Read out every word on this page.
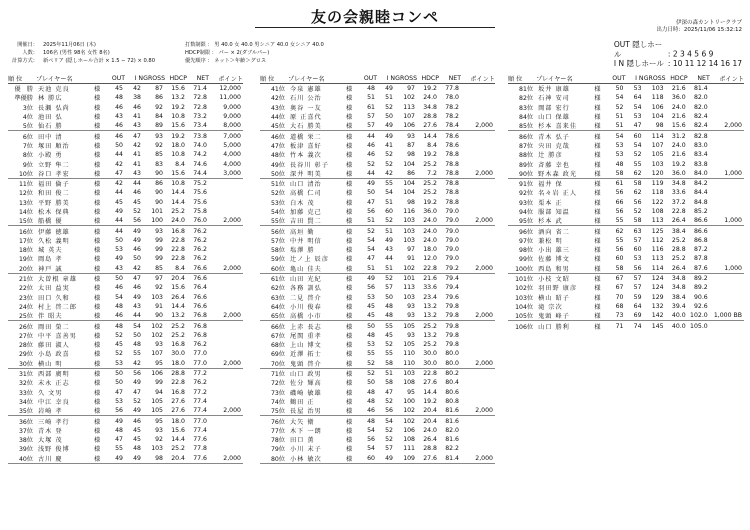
友の会親睦コンペ	伊深の森カントリークラブ
出力日時：2025/11/06 15:32:12
開催日： 2025年11月06日 (木)
人数： 106名 (男性 98名 女性 8名)
計算方式： 新ペリア (隠しホール合計 × 1.5 − 72) × 0.80
打数制限 ： 男 40.0 女 40.0 男シニア 40.0 女シニア 40.0
HDCP制限 ： パー × 2(ダブルパー)
優先順序 ： ネット＞年齢＞グロス
OUT 隠しホール	: 2 3 4 5 6 9
I N 隠しホール : 10 11 12 14 16 17
順 位	プレイヤー名		OUT	I N	GROSS	HDCP	NET	ポイント
優　勝	天池 克良	様	45	42	87	15.6	71.4	12,000
準優勝	林 勝広	様	48	38	86	13.2	72.8	11,000
3位	長瀬 弘尚	様	46	46	92	19.2	72.8	9,000
4位	池田 弘	様	43	41	84	10.8	73.2	9,000
5位	仙石 勝	様	46	43	89	15.6	73.4	8,000
6位	田中 清	様	46	47	93	19.2	73.8	7,000
7位	塚田 順治	様	50	42	92	18.0	74.0	5,000
8位	小殿 勇	様	44	41	85	10.8	74.2	4,000
9位	立野 隼二	様	42	41	83	8.4	74.6	4,000
10位	谷口 孝宏	様	47	43	90	15.6	74.4	3,000
11位	福田 倫子	様	42	44	86	10.8	75.2	
12位	和田 俊二	様	44	46	90	14.4	75.6	
13位	平野 勝美	様	45	45	90	14.4	75.6	
14位	松木 保典	様	49	52	101	25.2	75.8	
15位	船橋 優	様	44	56	100	24.0	76.0	2,000
16位	伊藤 徳雄	様	44	49	93	16.8	76.2	
17位	久松 義明	様	50	49	99	22.8	76.2	
18位	城 英夫	様	53	46	99	22.8	76.2	
19位	岡島 孝	様	49	50	99	22.8	76.2	
20位	神戸 誠	様	43	42	85	8.4	76.6	2,000
21位	大曽根 章雄	様	50	47	97	20.4	76.6	
22位	太田 益実	様	46	46	92	15.6	76.4	
23位	田口 久和	様	54	49	103	26.4	76.6	
24位	村上 啓二郎	様	48	43	91	14.4	76.6	
25位	伴 昭夫	様	46	44	90	13.2	76.8	2,000
26位	岡田 榮二	様	48	54	102	25.2	76.8	
27位	中平 喜善男	様	52	50	102	25.2	76.8	
28位	藤田 淑人	様	45	48	93	16.8	76.2	
29位	小島 政喜	様	52	55	107	30.0	77.0	
30位	横山 明	様	53	42	95	18.0	77.0	2,000
31位	西部 廣明	様	50	56	106	28.8	77.2	
32位	末永 正志	様	50	49	99	22.8	76.2	
33位	久 文男	様	47	47	94	16.8	77.2	
34位	中江 幸良	様	53	52	105	27.6	77.4	
35位	岩崎 孝	様	56	49	105	27.6	77.4	2,000
36位	三崎 孝行	様	49	46	95	18.0	77.0	
37位	青木 登	様	48	45	93	15.6	77.4	
38位	大塚 茂	様	47	45	92	14.4	77.6	
39位	浅野 俊博	様	55	48	103	25.2	77.8	
40位	古川 慶	様	49	49	98	20.4	77.6	2,000
順 位	プレイヤー名		OUT	I N	GROSS	HDCP	NET	ポイント
41位	今泉 憲雄	様	48	49	97	19.2	77.8	
42位	石川 公治	様	51	51	102	24.0	78.0	
43位	奥谷 一友	様	61	52	113	34.8	78.2	
44位	原 正喜代	様	57	50	107	28.8	78.2	
45位	大石 勝美	様	57	49	106	27.6	78.4	2,000
46位	道橋 栄二	様	44	49	93	14.4	78.6	
47位	板津 喜好	様	46	41	87	8.4	78.6	
48位	竹本 義次	様	46	52	98	19.2	78.8	
49位	長谷川 彰子	様	52	52	104	25.2	78.8	
50位	深井 明美	様	44	42	86	7.2	78.8	2,000
51位	山口 清治	様	49	55	104	25.2	78.8	
52位	高橋 仁司	様	50	54	104	25.2	78.8	
53位	白木 茂	様	47	51	98	19.2	78.8	
54位	加藤 克己	様	56	60	116	36.0	79.0	
55位	吉田 賢二	様	51	52	103	24.0	79.0	2,000
56位	高垣 勤	様	52	51	103	24.0	79.0	
57位	中井 明信	様	54	49	103	24.0	79.0	
58位	塩澤 勝	様	54	43	97	18.0	79.0	
59位	辻ノ上 辰彦	様	47	44	91	12.0	79.0	
60位	亀山 佳夫	様	51	51	102	22.8	79.2	2,000
61位	山田 光紀	様	49	52	101	21.6	79.4	
62位	各務 訓弘	様	56	57	113	33.6	79.4	
63位	二見 啓介	様	53	50	103	23.4	79.6	
64位	小川 俊春	様	45	48	93	13.2	79.8	
65位	高橋 小市	様	45	48	93	13.2	79.8	2,000
66位	上赤 長志	様	50	55	105	25.2	79.8	
67位	尾関 重孝	様	48	45	93	13.2	79.8	
68位	上山 博文	様	53	52	105	25.2	79.8	
69位	近澤 拓士	様	55	55	110	30.0	80.0	
70位	鬼頭 啓介	様	52	58	110	30.0	80.0	2,000
71位	山口 政男	様	52	51	103	22.8	80.2	
72位	佐分 輝高	様	50	58	108	27.6	80.4	
73位	磯崎 敏雄	様	48	47	95	14.4	80.6	
74位	鶴田 正	様	48	52	100	19.2	80.8	
75位	長屋 治男	様	46	56	102	20.4	81.6	2,000
76位	大矢 衛	様	48	54	102	20.4	81.6	
77位	木下 一朗	様	54	52	106	24.0	82.0	
78位	田口 薫	様	56	52	108	26.4	81.6	
79位	小川 末子	様	54	57	111	28.8	82.2	
80位	小林 敏次	様	60	49	109	27.6	81.4	2,000
順 位	プレイヤー名		OUT	I N	GROSS	HDCP	NET	ポイント
81位	坂井 康雄	様	50	53	103	21.6	81.4	
82位	石神 安司	様	54	64	118	36.0	82.0	
83位	岡部 宏行	様	52	54	106	24.0	82.0	
84位	山口 保雄	様	51	53	104	21.6	82.4	
85位	杉本 喜来佳	様	51	47	98	15.6	82.4	2,000
86位	青木 弘子	様	54	60	114	31.2	82.8	
87位	宍田 克哉	様	53	54	107	24.0	83.0	
88位	辻 勝彦	様	53	52	105	21.6	83.4	
89位	斉藤 幸也	様	48	55	103	19.2	83.8	
90位	野木森 政光	様	58	62	120	36.0	84.0	1,000
91位	福井 保	様	61	58	119	34.8	84.2	
92位	名々岩 正人	様	56	62	118	33.6	84.4	
93位	栗本 正	様	66	56	122	37.2	84.8	
94位	服部 知温	様	56	52	108	22.8	85.2	
95位	杉本 武	様	55	58	113	26.4	86.6	1,000
96位	酒向 省二	様	62	63	125	38.4	86.6	
97位	兼松 明	様	55	57	112	25.2	86.8	
98位	小出 雄三	様	56	60	116	28.8	87.2	
99位	佐藤 博文	様	60	53	113	25.2	87.8	
100位	西島 和男	様	58	56	114	26.4	87.6	1,000
101位	小枝 文昭	様	67	57	124	34.8	89.2	
102位	羽田野 康彦	様	67	57	124	34.8	89.2	
103位	横山 昭子	様	70	59	129	38.4	90.6	
104位	滝 宗次	様	68	64	132	39.4	92.6	
105位	鬼頭 峰子	様	73	69	142	40.0	102.0	1,000 BB
106位	山口 勝利	様	71	74	145	40.0	105.0	
